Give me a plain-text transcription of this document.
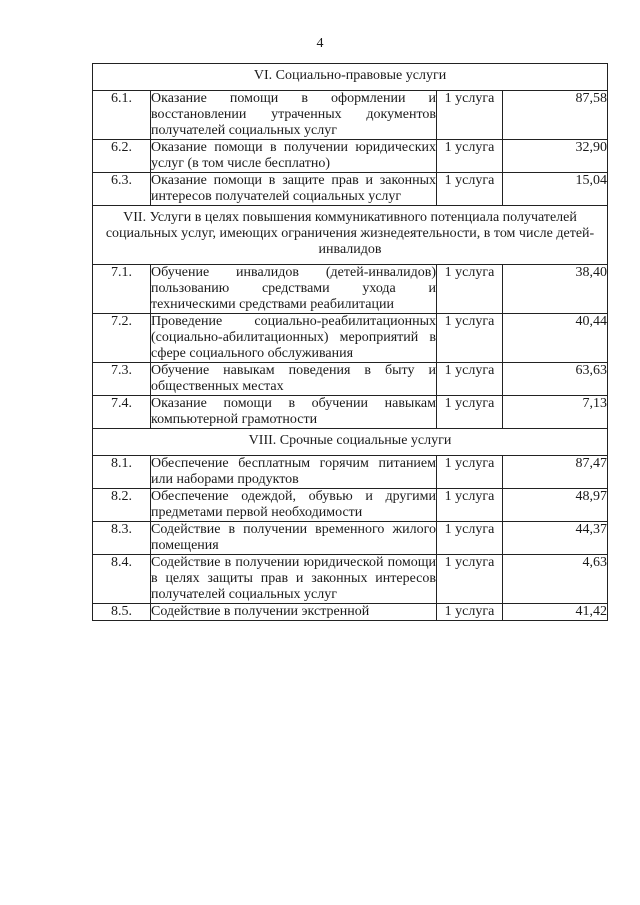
4
VI. Социально-правовые услуги			

6.1.	Оказание помощи в оформлении и восстановлении утраченных документов получателей социальных услуг	1 услуга	87,58
6.2.	Оказание помощи в получении юридических услуг (в том числе бесплатно)	1 услуга	32,90
6.3.	Оказание помощи в защите прав и законных интересов получателей социальных услуг	1 услуга	15,04

VII. Услуги в целях повышения коммуникативного потенциала получателей социальных услуг, имеющих ограничения жизнедеятельности, в том числе детей-инвалидов			

7.1.	Обучение инвалидов (детей-инвалидов) пользованию средствами ухода и техническими средствами реабилитации	1 услуга	38,40
7.2.	Проведение социально-реабилитационных (социально-абилитационных) мероприятий в сфере социального обслуживания	1 услуга	40,44
7.3.	Обучение навыкам поведения в быту и общественных местах	1 услуга	63,63
7.4.	Оказание помощи в обучении навыкам компьютерной грамотности	1 услуга	7,13

VIII. Срочные социальные услуги			

8.1.	Обеспечение бесплатным горячим питанием или наборами продуктов	1 услуга	87,47
8.2.	Обеспечение одеждой, обувью и другими предметами первой необходимости	1 услуга	48,97
8.3.	Содействие в получении временного жилого помещения	1 услуга	44,37
8.4.	Содействие в получении юридической помощи в целях защиты прав и законных интересов получателей социальных услуг	1 услуга	4,63
8.5.	Содействие в получении экстренной	1 услуга	41,42
